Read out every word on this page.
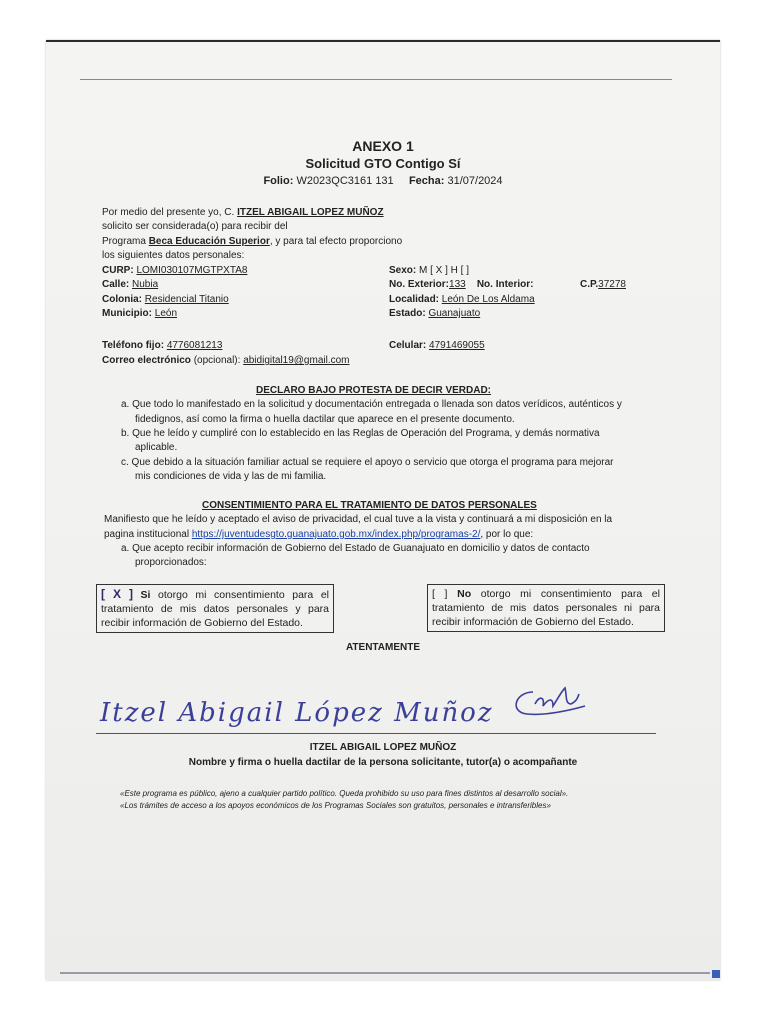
ANEXO 1
Solicitud GTO Contigo Sí
Folio: W2023QC3161 131 Fecha: 31/07/2024
Por medio del presente yo, C. ITZEL ABIGAIL LOPEZ MUÑOZ
solicito ser considerada(o) para recibir del
Programa Beca Educación Superior, y para tal efecto proporciono
los siguientes datos personales:
CURP: LOMI030107MGTPXTA8
Calle: Nubia
Colonia: Residencial Titanio
Municipio: León
Sexo: M [ X ] H [ ]
No. Exterior:133 No. Interior:	C.P.37278
Localidad: León De Los Aldama
Estado: Guanajuato
Teléfono fijo: 4776081213	Celular: 4791469055
Correo electrónico (opcional): abidigital19@gmail.com
DECLARO BAJO PROTESTA DE DECIR VERDAD:
a. Que todo lo manifestado en la solicitud y documentación entregada o llenada son datos verídicos, auténticos y
fidedignos, así como la firma o huella dactilar que aparece en el presente documento.
b. Que he leído y cumpliré con lo establecido en las Reglas de Operación del Programa, y demás normativa
aplicable.
c. Que debido a la situación familiar actual se requiere el apoyo o servicio que otorga el programa para mejorar
mis condiciones de vida y las de mi familia.
CONSENTIMIENTO PARA EL TRATAMIENTO DE DATOS PERSONALES
Manifiesto que he leído y aceptado el aviso de privacidad, el cual tuve a la vista y continuará a mi disposición en la
pagina institucional https://juventudesgto.guanajuato.gob.mx/index.php/programas-2/, por lo que:
a. Que acepto recibir información de Gobierno del Estado de Guanajuato en domicilio y datos de contacto
proporcionados:
[ X ] Si otorgo mi consentimiento para el tratamiento de mis datos personales y para recibir información de Gobierno del Estado.
[ ] No otorgo mi consentimiento para el tratamiento de mis datos personales ni para recibir información de Gobierno del Estado.
ATENTAMENTE
Itzel Abigail López Muñoz
ITZEL ABIGAIL LOPEZ MUÑOZ
Nombre y firma o huella dactilar de la persona solicitante, tutor(a) o acompañante
«Este programa es público, ajeno a cualquier partido político. Queda prohibido su uso para fines distintos al desarrollo social».
«Los trámites de acceso a los apoyos económicos de los Programas Sociales son gratuitos, personales e intransferibles»
